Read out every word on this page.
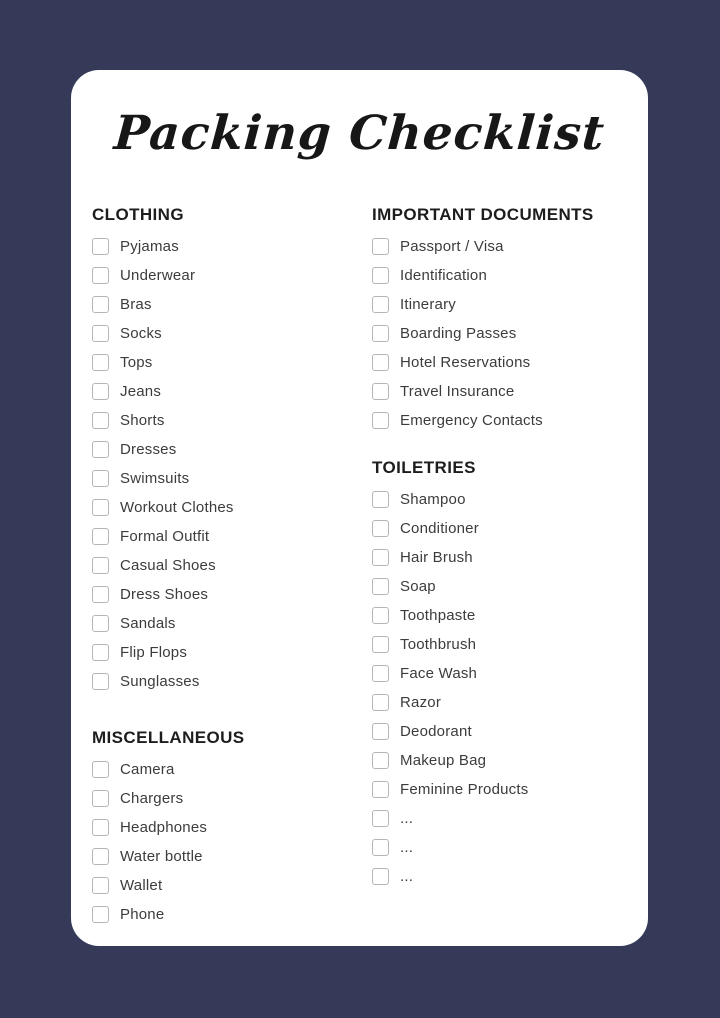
Packing Checklist
CLOTHING
Pyjamas
Underwear
Bras
Socks
Tops
Jeans
Shorts
Dresses
Swimsuits
Workout Clothes
Formal Outfit
Casual Shoes
Dress Shoes
Sandals
Flip Flops
Sunglasses
MISCELLANEOUS
Camera
Chargers
Headphones
Water bottle
Wallet
Phone
IMPORTANT DOCUMENTS
Passport / Visa
Identification
Itinerary
Boarding Passes
Hotel Reservations
Travel Insurance
Emergency Contacts
TOILETRIES
Shampoo
Conditioner
Hair Brush
Soap
Toothpaste
Toothbrush
Face Wash
Razor
Deodorant
Makeup Bag
Feminine Products
...
...
...
